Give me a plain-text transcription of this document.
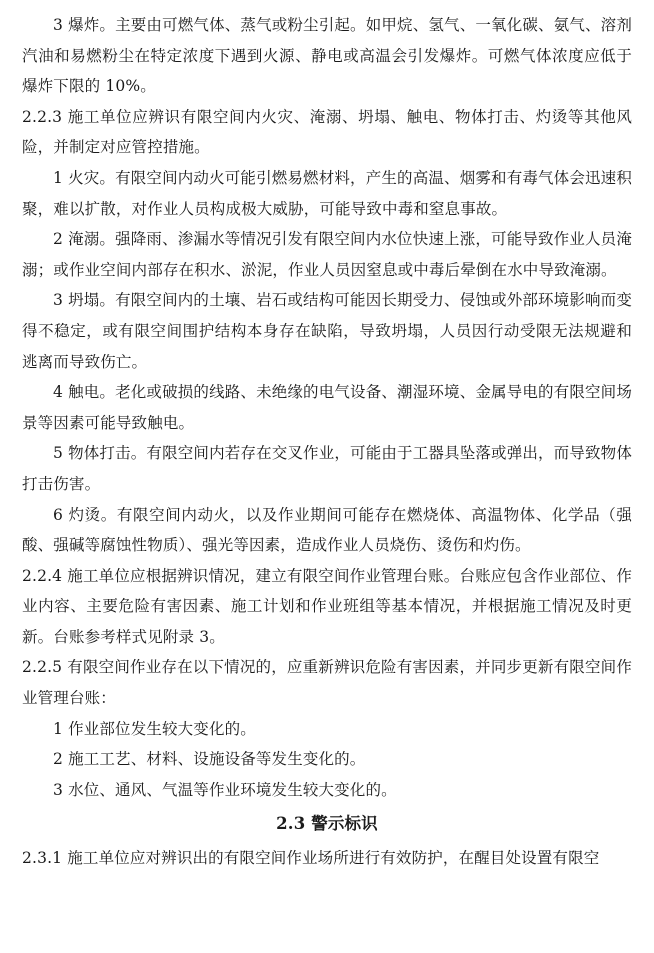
3 爆炸。主要由可燃气体、蒸气或粉尘引起。如甲烷、氢气、一氧化碳、氨气、溶剂汽油和易燃粉尘在特定浓度下遇到火源、静电或高温会引发爆炸。可燃气体浓度应低于爆炸下限的 10%。

2.2.3 施工单位应辨识有限空间内火灾、淹溺、坍塌、触电、物体打击、灼烫等其他风险，并制定对应管控措施。

1 火灾。有限空间内动火可能引燃易燃材料，产生的高温、烟雾和有毒气体会迅速积聚，难以扩散，对作业人员构成极大威胁，可能导致中毒和窒息事故。

2 淹溺。强降雨、渗漏水等情况引发有限空间内水位快速上涨，可能导致作业人员淹溺；或作业空间内部存在积水、淤泥，作业人员因窒息或中毒后晕倒在水中导致淹溺。

3 坍塌。有限空间内的土壤、岩石或结构可能因长期受力、侵蚀或外部环境影响而变得不稳定，或有限空间围护结构本身存在缺陷，导致坍塌，人员因行动受限无法规避和逃离而导致伤亡。

4 触电。老化或破损的线路、未绝缘的电气设备、潮湿环境、金属导电的有限空间场景等因素可能导致触电。

5 物体打击。有限空间内若存在交叉作业，可能由于工器具坠落或弹出，而导致物体打击伤害。

6 灼烫。有限空间内动火，以及作业期间可能存在燃烧体、高温物体、化学品（强酸、强碱等腐蚀性物质）、强光等因素，造成作业人员烧伤、烫伤和灼伤。

2.2.4 施工单位应根据辨识情况，建立有限空间作业管理台账。台账应包含作业部位、作业内容、主要危险有害因素、施工计划和作业班组等基本情况，并根据施工情况及时更新。台账参考样式见附录 3。

2.2.5 有限空间作业存在以下情况的，应重新辨识危险有害因素，并同步更新有限空间作业管理台账：

1 作业部位发生较大变化的。

2 施工工艺、材料、设施设备等发生变化的。

3 水位、通风、气温等作业环境发生较大变化的。

2.3 警示标识

2.3.1 施工单位应对辨识出的有限空间作业场所进行有效防护，在醒目处设置有限空
